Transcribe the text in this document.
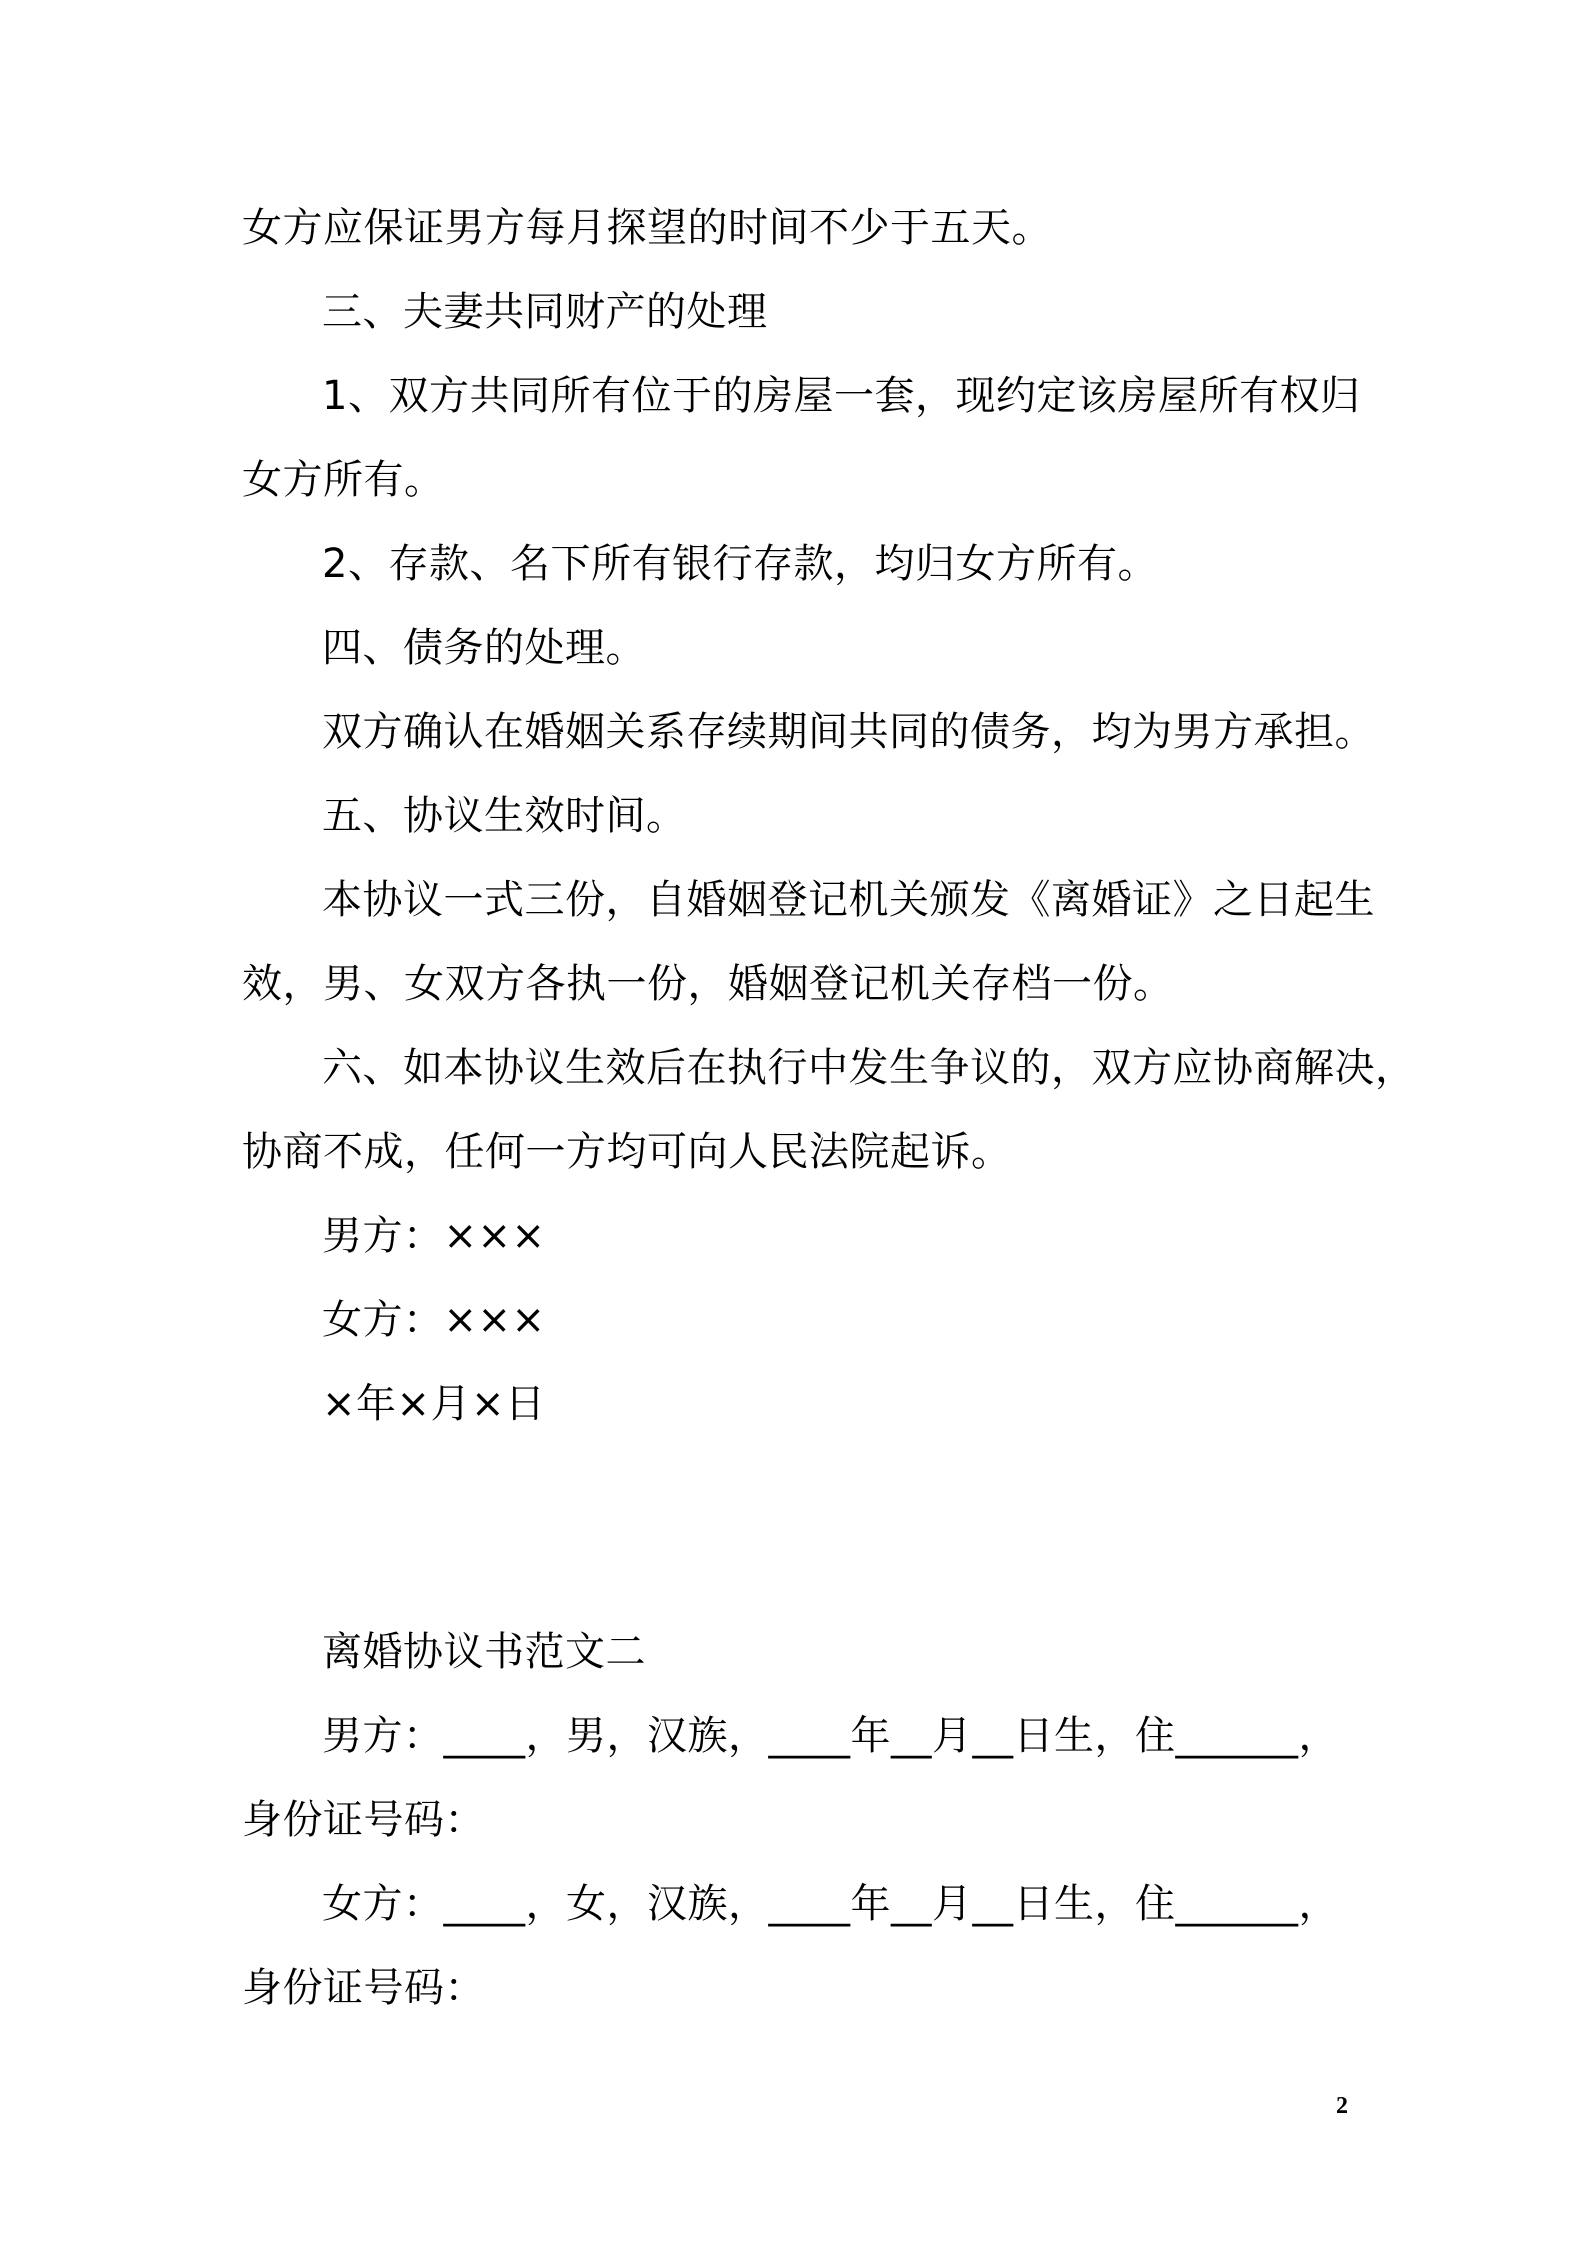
女方应保证男方每月探望的时间不少于五天。
三、夫妻共同财产的处理
1、双方共同所有位于的房屋一套，现约定该房屋所有权归
女方所有。
2、存款、名下所有银行存款，均归女方所有。
四、债务的处理。
双方确认在婚姻关系存续期间共同的债务，均为男方承担。
五、协议生效时间。
本协议一式三份，自婚姻登记机关颁发《离婚证》之日起生
效，男、女双方各执一份，婚姻登记机关存档一份。
六、如本协议生效后在执行中发生争议的，双方应协商解决，
协商不成，任何一方均可向人民法院起诉。
男方：×××
女方：×××
×年×月×日
离婚协议书范文二
男方：____，男，汉族，____年__月__日生，住______，
身份证号码：
女方：____，女，汉族，____年__月__日生，住______，
身份证号码：
2
